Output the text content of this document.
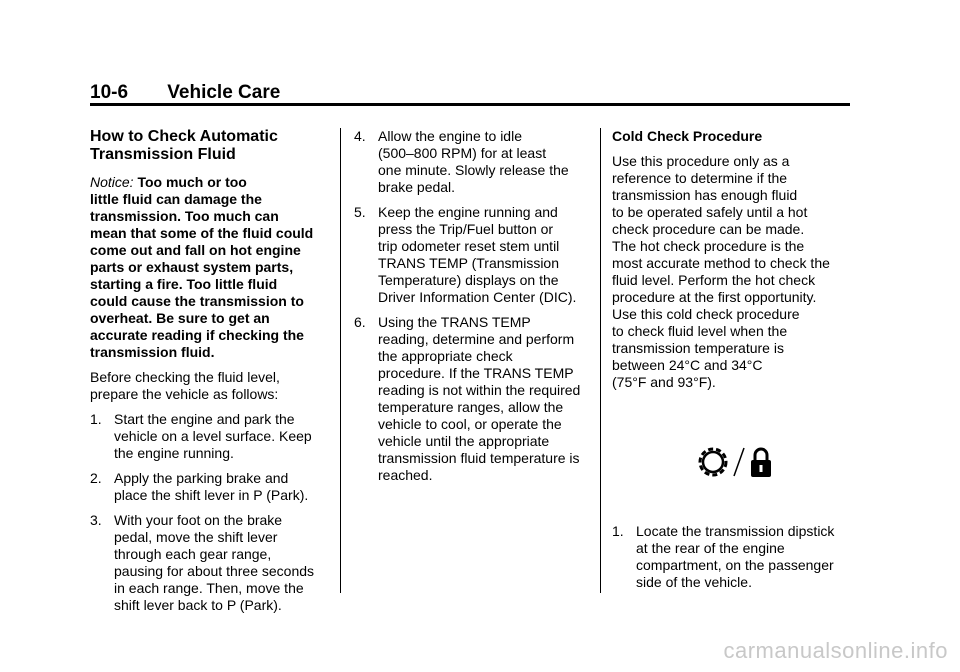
10-6 Vehicle Care
How to Check Automatic
Transmission Fluid

Notice: Too much or too
little fluid can damage the
transmission. Too much can
mean that some of the fluid could
come out and fall on hot engine
parts or exhaust system parts,
starting a fire. Too little fluid
could cause the transmission to
overheat. Be sure to get an
accurate reading if checking the
transmission fluid.

Before checking the fluid level,
prepare the vehicle as follows:

1. Start the engine and park the
vehicle on a level surface. Keep
the engine running.
2. Apply the parking brake and
place the shift lever in P (Park).
3. With your foot on the brake
pedal, move the shift lever
through each gear range,
pausing for about three seconds
in each range. Then, move the
shift lever back to P (Park).
4. Allow the engine to idle
(500–800 RPM) for at least
one minute. Slowly release the
brake pedal.
5. Keep the engine running and
press the Trip/Fuel button or
trip odometer reset stem until
TRANS TEMP (Transmission
Temperature) displays on the
Driver Information Center (DIC).
6. Using the TRANS TEMP
reading, determine and perform
the appropriate check
procedure. If the TRANS TEMP
reading is not within the required
temperature ranges, allow the
vehicle to cool, or operate the
vehicle until the appropriate
transmission fluid temperature is
reached.
Cold Check Procedure

Use this procedure only as a
reference to determine if the
transmission has enough fluid
to be operated safely until a hot
check procedure can be made.
The hot check procedure is the
most accurate method to check the
fluid level. Perform the hot check
procedure at the first opportunity.
Use this cold check procedure
to check fluid level when the
transmission temperature is
between 24°C and 34°C
(75°F and 93°F).

1. Locate the transmission dipstick
at the rear of the engine
compartment, on the passenger
side of the vehicle.
carmanualsonline.info
